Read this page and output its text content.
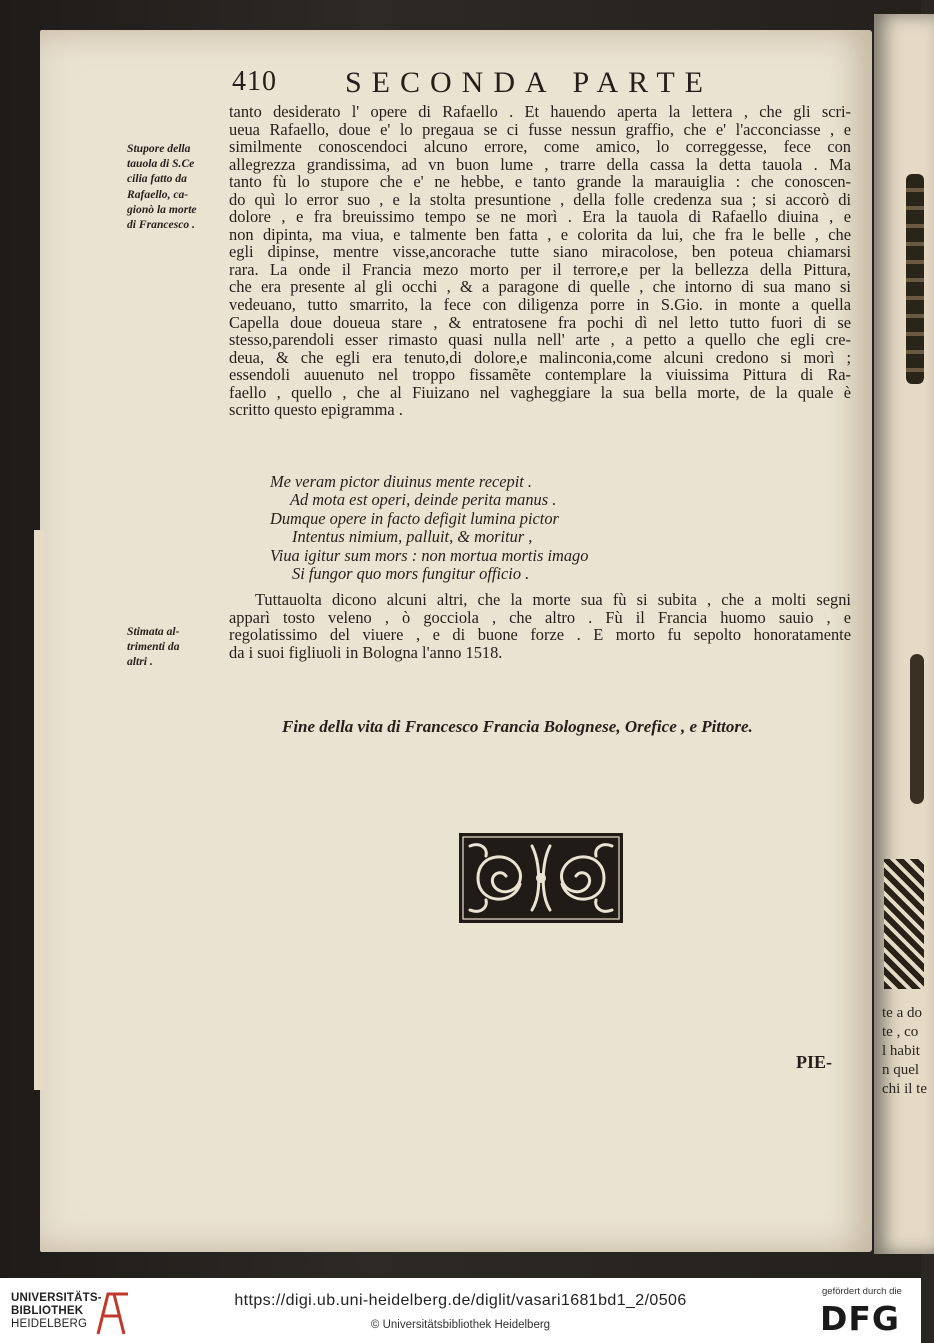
te a do
te , co
l habit
n quel
chi il te
410 SECONDA PARTE
tanto desiderato l' opere di Rafaello . Et hauendo aperta la lettera , che gli scri-
ueua Rafaello, doue e' lo pregaua se ci fusse nessun graffio, che e' l'acconciasse , e
similmente conoscendoci alcuno errore, come amico, lo correggesse, fece con
allegrezza grandissima, ad vn buon lume , trarre della cassa la detta tauola . Ma
tanto fù lo stupore che e' ne hebbe, e tanto grande la marauiglia : che conoscen-
do quì lo error suo , e la stolta presuntione , della folle credenza sua ; si accorò di
dolore , e fra breuissimo tempo se ne morì . Era la tauola di Rafaello diuina , e
non dipinta, ma viua, e talmente ben fatta , e colorita da lui, che fra le belle , che
egli dipinse, mentre visse,ancorache tutte siano miracolose, ben poteua chiamarsi
rara. La onde il Francia mezo morto per il terrore,e per la bellezza della Pittura,
che era presente al gli occhi , & a paragone di quelle , che intorno di sua mano si
vedeuano, tutto smarrito, la fece con diligenza porre in S.Gio. in monte a quella
Capella doue doueua stare , & entratosene fra pochi dì nel letto tutto fuori di se
stesso,parendoli esser rimasto quasi nulla nell' arte , a petto a quello che egli cre-
deua, & che egli era tenuto,di dolore,e malinconia,come alcuni credono si morì ;
essendoli auuenuto nel troppo fissamẽte contemplare la viuissima Pittura di Ra-
faello , quello , che al Fiuizano nel vagheggiare la sua bella morte, de la quale è
scritto questo epigramma .
Me veram pictor diuinus mente recepit .
Ad mota est operi, deinde perita manus .
Dumque opere in facto defigit lumina pictor
Intentus nimium, palluit, & moritur ,
Viua igitur sum mors : non mortua mortis imago
Si fungor quo mors fungitur officio .
Tuttauolta dicono alcuni altri, che la morte sua fù si subita , che a molti segni
apparì tosto veleno , ò gocciola , che altro . Fù il Francia huomo sauio , e
regolatissimo del viuere , e di buone forze . E morto fu sepolto honoratamente
da i suoi figliuoli in Bologna l'anno 1518.
Stupore della
tauola di S.Ce
cilia fatto da
Rafaello, ca-
gionò la morte
di Francesco .
Stimata al-
trimenti da
altri .
Fine della vita di Francesco Francia Bolognese, Orefice , e Pittore.
PIE-
UNIVERSITÄTS-
BIBLIOTHEK
HEIDELBERG
https://digi.ub.uni-heidelberg.de/diglit/vasari1681bd1_2/0506
© Universitätsbibliothek Heidelberg
gefördert durch die
DFG
